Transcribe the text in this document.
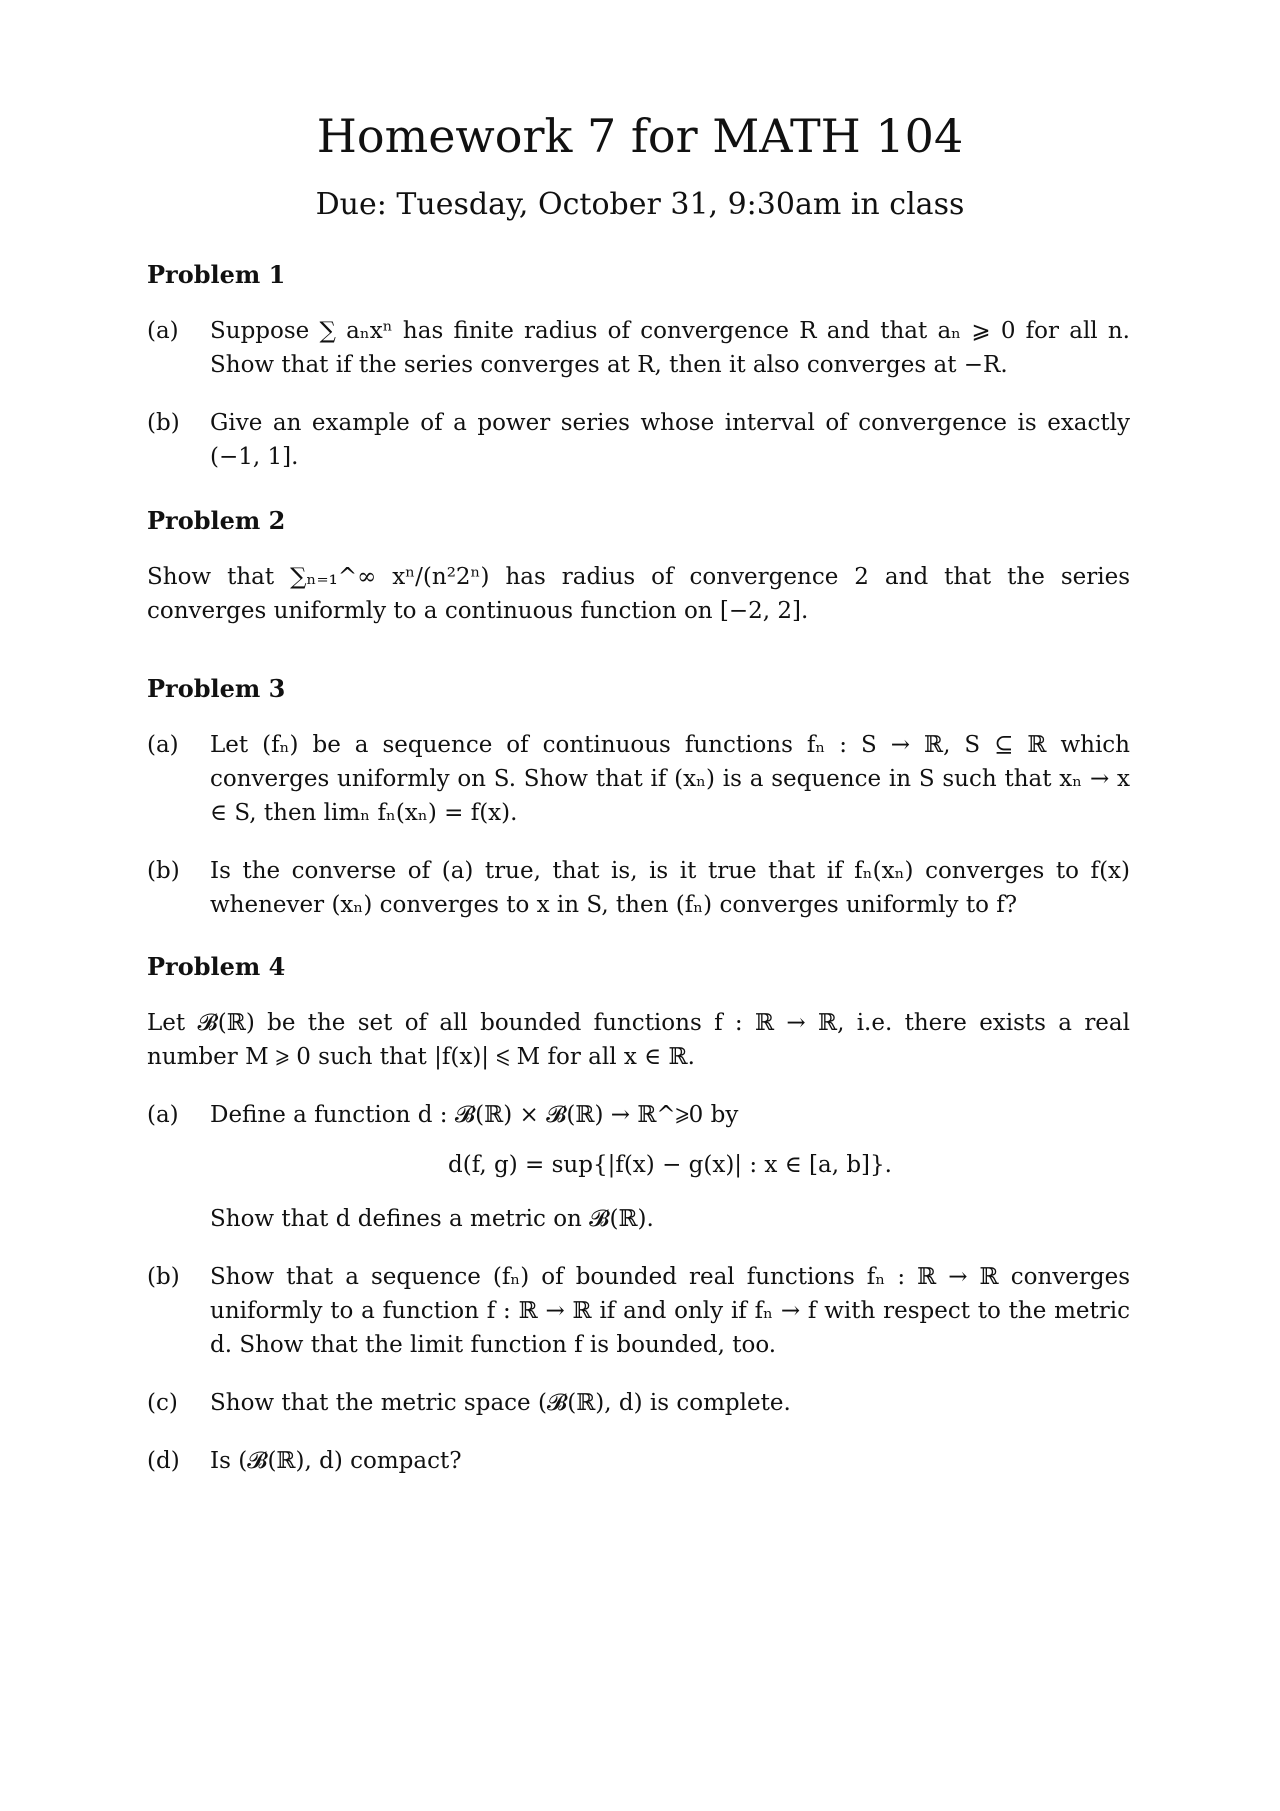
Homework 7 for MATH 104
Due: Tuesday, October 31, 9:30am in class
Problem 1
(a)	Suppose ∑ aₙxⁿ has finite radius of convergence R and that aₙ ⩾ 0 for all n. Show that if the series converges at R, then it also converges at −R.
(b)	Give an example of a power series whose interval of convergence is exactly (−1, 1].
Problem 2
Show that ∑ₙ₌₁^∞ xⁿ/(n²2ⁿ) has radius of convergence 2 and that the series converges uniformly to a continuous function on [−2, 2].
Problem 3
(a)	Let (fₙ) be a sequence of continuous functions fₙ : S → ℝ, S ⊆ ℝ which converges uniformly on S. Show that if (xₙ) is a sequence in S such that xₙ → x ∈ S, then limₙ fₙ(xₙ) = f(x).
(b)	Is the converse of (a) true, that is, is it true that if fₙ(xₙ) converges to f(x) whenever (xₙ) converges to x in S, then (fₙ) converges uniformly to f?
Problem 4
Let 𝓑(ℝ) be the set of all bounded functions f : ℝ → ℝ, i.e. there exists a real number M ⩾ 0 such that |f(x)| ⩽ M for all x ∈ ℝ.
(a)	Define a function d : 𝓑(ℝ) × 𝓑(ℝ) → ℝ^⩾0 by
d(f, g) = sup{|f(x) − g(x)| : x ∈ [a, b]}.
Show that d defines a metric on 𝓑(ℝ).
(b)	Show that a sequence (fₙ) of bounded real functions fₙ : ℝ → ℝ converges uniformly to a function f : ℝ → ℝ if and only if fₙ → f with respect to the metric d. Show that the limit function f is bounded, too.
(c)	Show that the metric space (𝓑(ℝ), d) is complete.
(d)	Is (𝓑(ℝ), d) compact?
